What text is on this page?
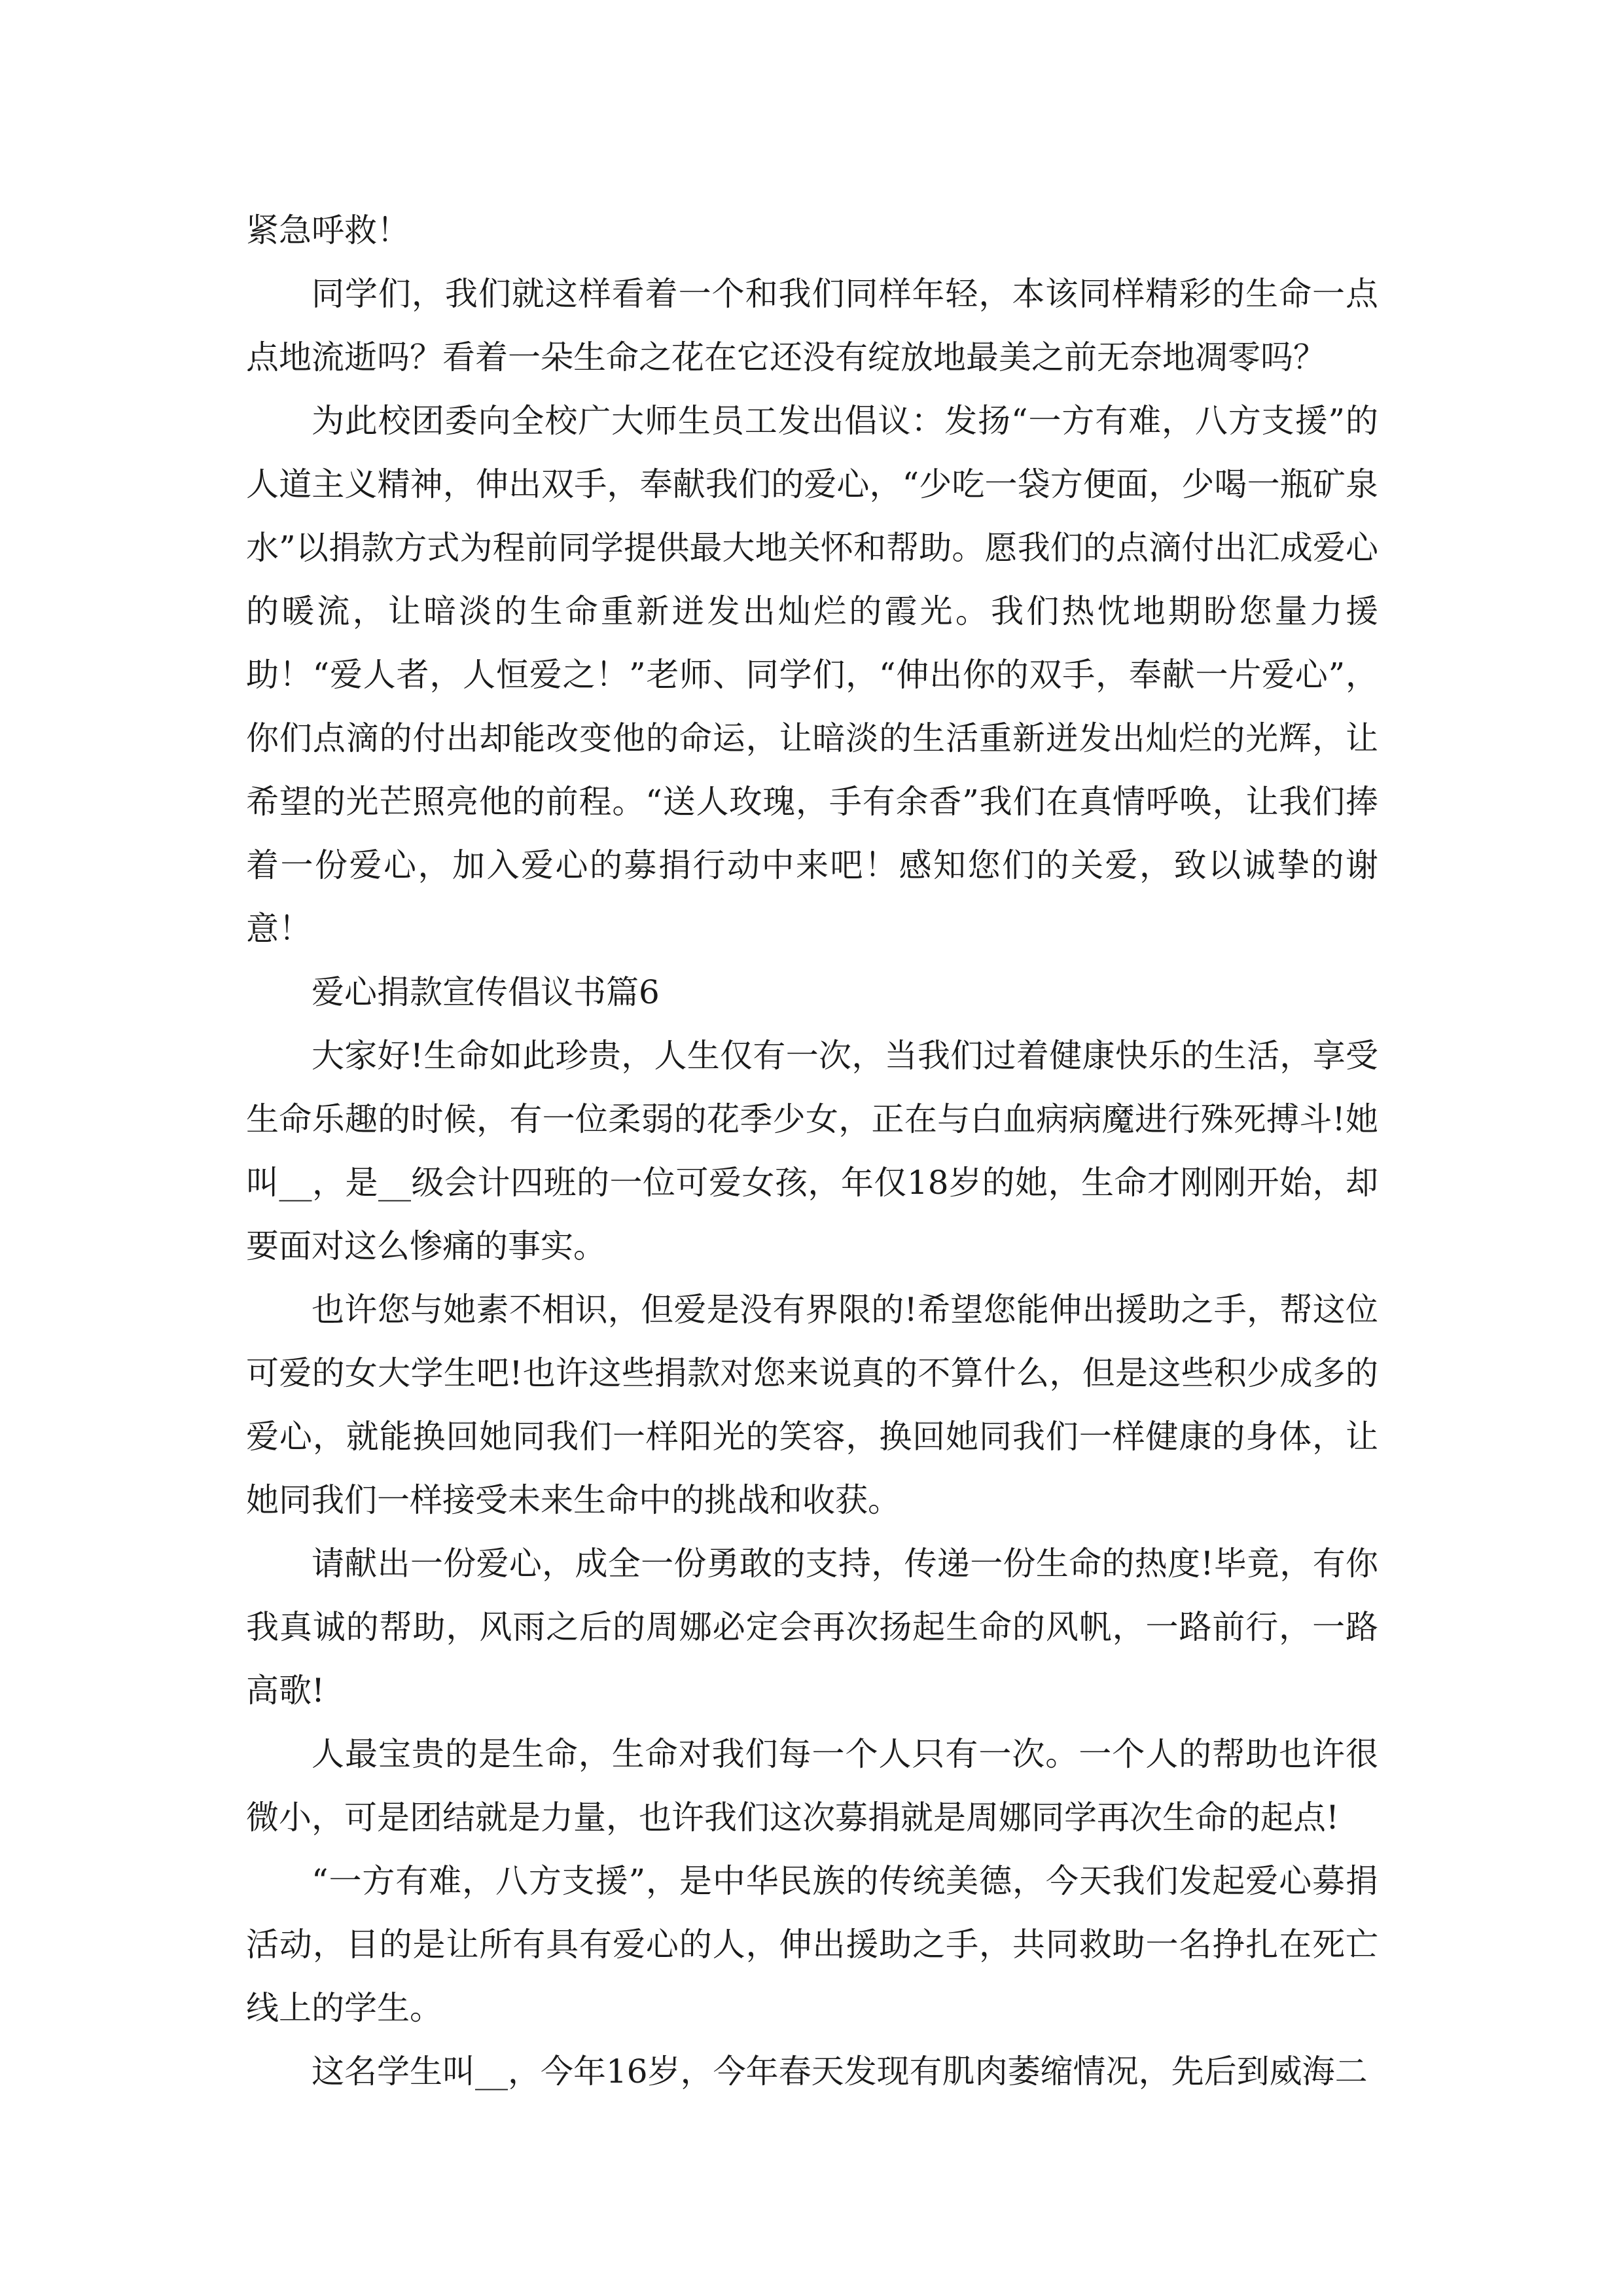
紧急呼救！

同学们，我们就这样看着一个和我们同样年轻，本该同样精彩的生命一点点地流逝吗？看着一朵生命之花在它还没有绽放地最美之前无奈地凋零吗？

为此校团委向全校广大师生员工发出倡议：发扬“一方有难，八方支援”的人道主义精神，伸出双手，奉献我们的爱心，“少吃一袋方便面，少喝一瓶矿泉水”以捐款方式为程前同学提供最大地关怀和帮助。愿我们的点滴付出汇成爱心的暖流，让暗淡的生命重新迸发出灿烂的霞光。我们热忱地期盼您量力援助！“爱人者，人恒爱之！”老师、同学们，“伸出你的双手，奉献一片爱心”，你们点滴的付出却能改变他的命运，让暗淡的生活重新迸发出灿烂的光辉，让希望的光芒照亮他的前程。“送人玫瑰，手有余香”我们在真情呼唤，让我们捧着一份爱心，加入爱心的募捐行动中来吧！感知您们的关爱，致以诚挚的谢意！

爱心捐款宣传倡议书篇6

大家好!生命如此珍贵，人生仅有一次，当我们过着健康快乐的生活，享受生命乐趣的时候，有一位柔弱的花季少女，正在与白血病病魔进行殊死搏斗!她叫__，是__级会计四班的一位可爱女孩，年仅18岁的她，生命才刚刚开始，却要面对这么惨痛的事实。

也许您与她素不相识，但爱是没有界限的!希望您能伸出援助之手，帮这位可爱的女大学生吧!也许这些捐款对您来说真的不算什么，但是这些积少成多的爱心，就能换回她同我们一样阳光的笑容，换回她同我们一样健康的身体，让她同我们一样接受未来生命中的挑战和收获。

请献出一份爱心，成全一份勇敢的支持，传递一份生命的热度!毕竟，有你我真诚的帮助，风雨之后的周娜必定会再次扬起生命的风帆，一路前行，一路高歌!

人最宝贵的是生命，生命对我们每一个人只有一次。一个人的帮助也许很微小，可是团结就是力量，也许我们这次募捐就是周娜同学再次生命的起点!

“一方有难，八方支援”，是中华民族的传统美德，今天我们发起爱心募捐活动，目的是让所有具有爱心的人，伸出援助之手，共同救助一名挣扎在死亡线上的学生。

这名学生叫__，今年16岁，今年春天发现有肌肉萎缩情况，先后到威海二
